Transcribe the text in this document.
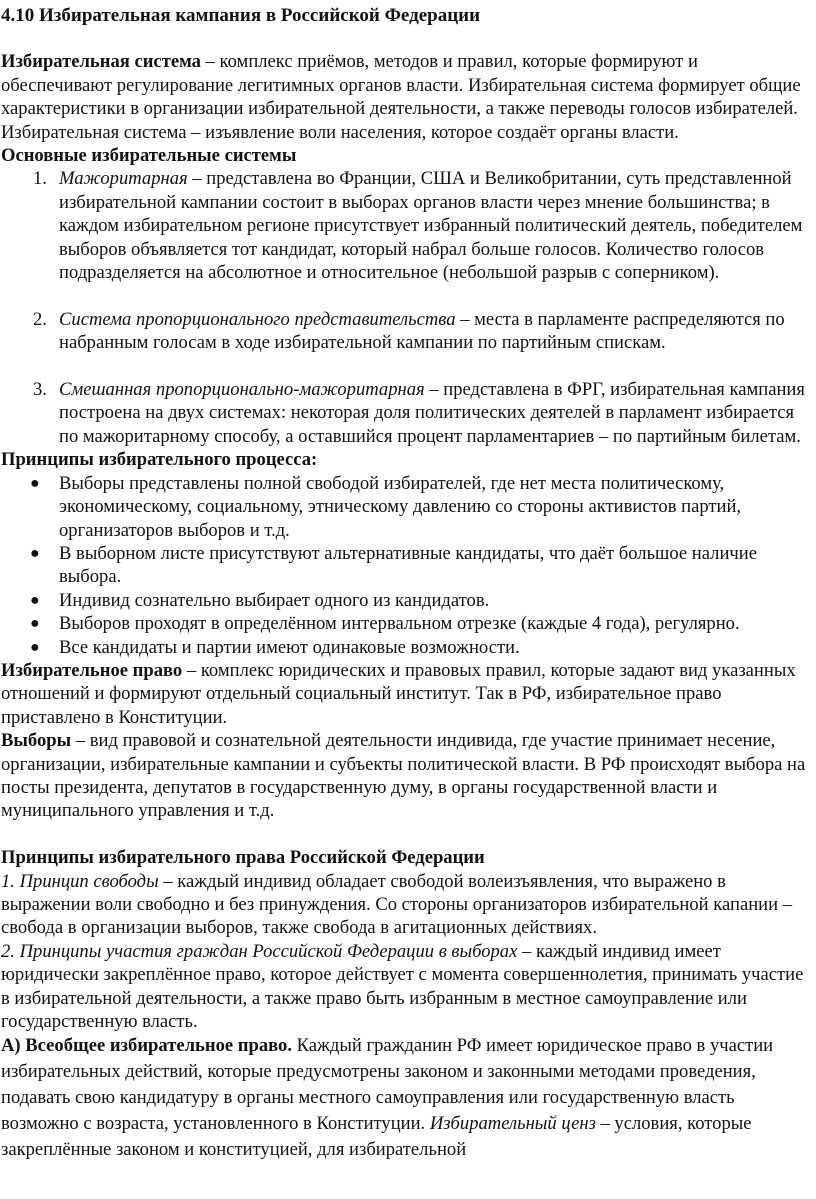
4.10 Избирательная кампания в Российской Федерации

Избирательная система – комплекс приёмов, методов и правил, которые формируют и обеспечивают регулирование легитимных органов власти. Избирательная система формирует общие характеристики в организации избирательной деятельности, а также переводы голосов избирателей. Избирательная система – изъявление воли населения, которое создаёт органы власти.

Основные избирательные системы

1. Мажоритарная – представлена во Франции, США и Великобритании, суть представленной избирательной кампании состоит в выборах органов власти через мнение большинства; в каждом избирательном регионе присутствует избранный политический деятель, победителем выборов объявляется тот кандидат, который набрал больше голосов. Количество голосов подразделяется на абсолютное и относительное (небольшой разрыв с соперником).
2. Система пропорционального представительства – места в парламенте распределяются по набранным голосам в ходе избирательной кампании по партийным спискам.
3. Смешанная пропорционально-мажоритарная – представлена в ФРГ, избирательная кампания построена на двух системах: некоторая доля политических деятелей в парламент избирается по мажоритарному способу, а оставшийся процент парламентариев – по партийным билетам.

Принципы избирательного процесса:

● Выборы представлены полной свободой избирателей, где нет места политическому, экономическому, социальному, этническому давлению со стороны активистов партий, организаторов выборов и т.д.
● В выборном листе присутствуют альтернативные кандидаты, что даёт большое наличие выбора.
● Индивид сознательно выбирает одного из кандидатов.
● Выборов проходят в определённом интервальном отрезке (каждые 4 года), регулярно.
● Все кандидаты и партии имеют одинаковые возможности.

Избирательное право – комплекс юридических и правовых правил, которые задают вид указанных отношений и формируют отдельный социальный институт. Так в РФ, избирательное право приставлено в Конституции.

Выборы – вид правовой и сознательной деятельности индивида, где участие принимает несение, организации, избирательные кампании и субъекты политической власти. В РФ происходят выбора на посты президента, депутатов в государственную думу, в органы государственной власти и муниципального управления и т.д.

Принципы избирательного права Российской Федерации

1. Принцип свободы – каждый индивид обладает свободой волеизъявления, что выражено в выражении воли свободно и без принуждения. Со стороны организаторов избирательной капании – свобода в организации выборов, также свобода в агитационных действиях.

2. Принципы участия граждан Российской Федерации в выборах – каждый индивид имеет юридически закреплённое право, которое действует с момента совершеннолетия, принимать участие в избирательной деятельности, а также право быть избранным в местное самоуправление или государственную власть.

А) Всеобщее избирательное право. Каждый гражданин РФ имеет юридическое право в участии избирательных действий, которые предусмотрены законом и законными методами проведения, подавать свою кандидатуру в органы местного самоуправления или государственную власть возможно с возраста, установленного в Конституции. Избирательный ценз – условия, которые закреплённые законом и конституцией, для избирательной
